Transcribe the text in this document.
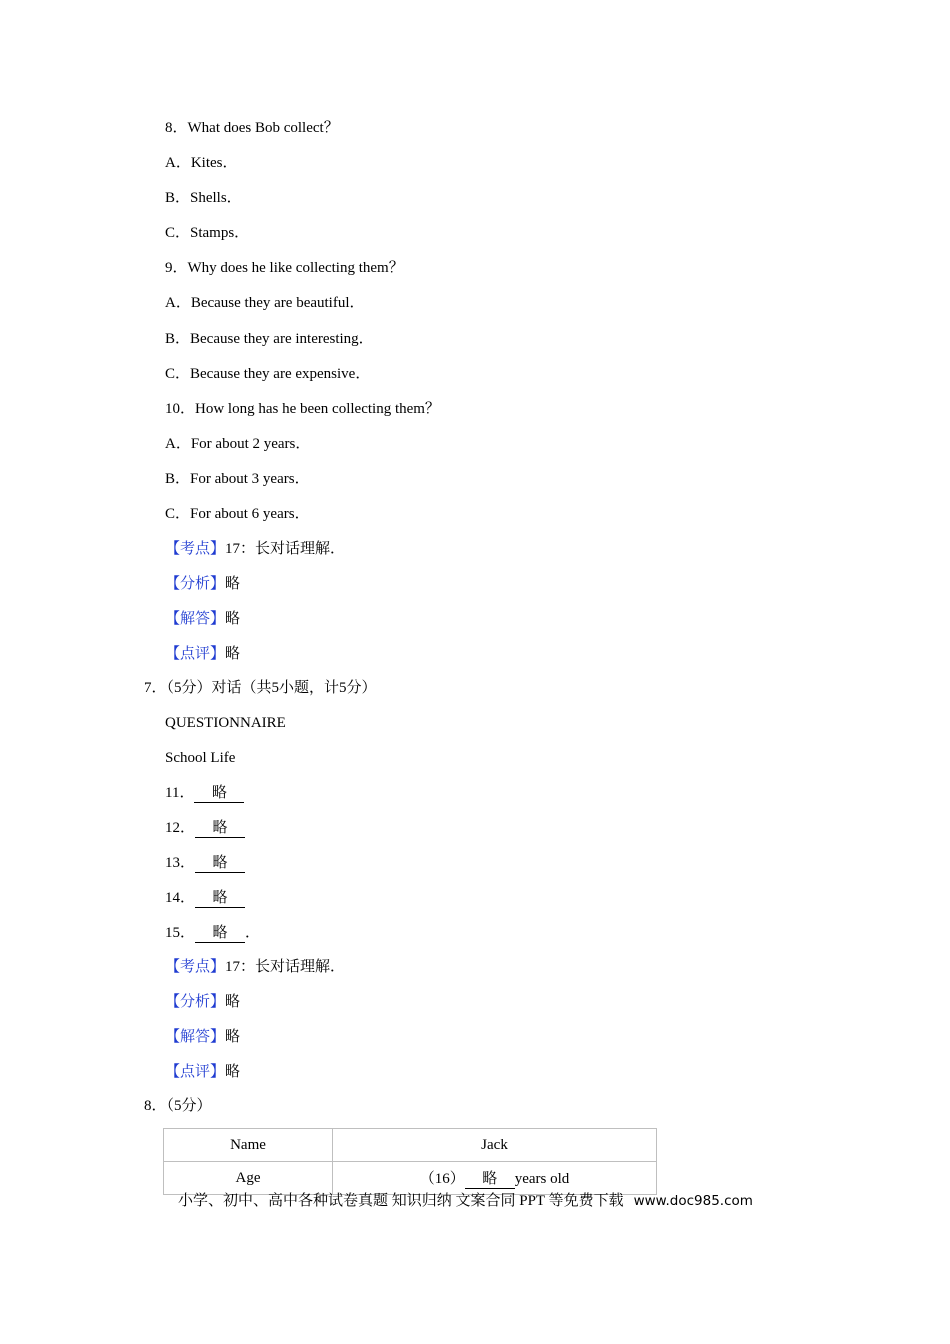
8．What does Bob collect？
A．Kites．
B．Shells．
C．Stamps．
9．Why does he like collecting them？
A．Because they are beautiful．
B．Because they are interesting．
C．Because they are expensive．
10．How long has he been collecting them？
A．For about 2 years．
B．For about 3 years．
C．For about 6 years．
【考点】17：长对话理解．
【分析】略
【解答】略
【点评】略
7．（5分）对话（共5小题，计5分）
QUESTIONNAIRE
School Life
11． 略
12． 略
13． 略
14． 略
15． 略 ．
【考点】17：长对话理解．
【分析】略
【解答】略
【点评】略
8．（5分）
Name	Jack
Age	（16） 略 years old
小学、初中、高中各种试卷真题 知识归纳 文案合同 PPT 等免费下载 www.doc985.com
